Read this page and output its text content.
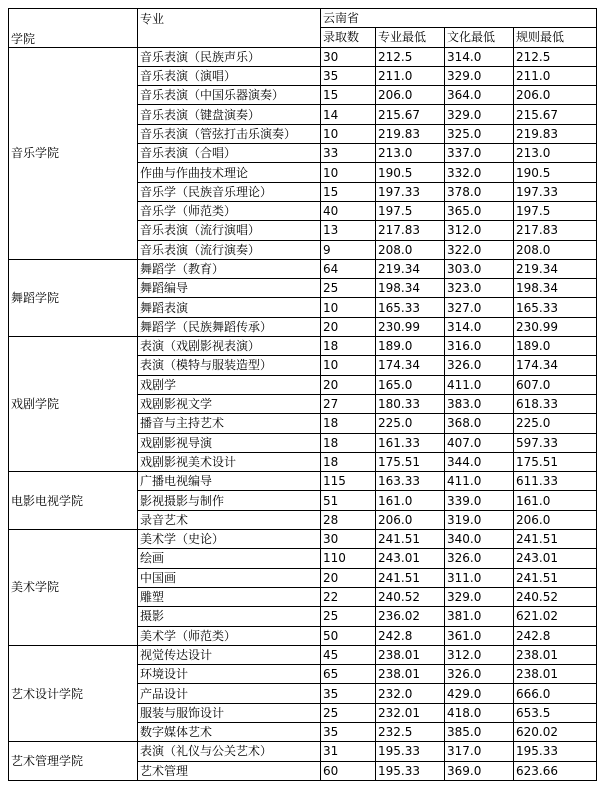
学院	专业	云南省			
		录取数	专业最低	文化最低	规则最低
音乐学院	音乐表演（民族声乐）	30	212.5	314.0	212.5
	音乐表演（演唱）	35	211.0	329.0	211.0
	音乐表演（中国乐器演奏）	15	206.0	364.0	206.0
	音乐表演（键盘演奏）	14	215.67	329.0	215.67
	音乐表演（管弦打击乐演奏）	10	219.83	325.0	219.83
	音乐表演（合唱）	33	213.0	337.0	213.0
	作曲与作曲技术理论	10	190.5	332.0	190.5
	音乐学（民族音乐理论）	15	197.33	378.0	197.33
	音乐学（师范类）	40	197.5	365.0	197.5
	音乐表演（流行演唱）	13	217.83	312.0	217.83
	音乐表演（流行演奏）	9	208.0	322.0	208.0
舞蹈学院	舞蹈学（教育）	64	219.34	303.0	219.34
	舞蹈编导	25	198.34	323.0	198.34
	舞蹈表演	10	165.33	327.0	165.33
	舞蹈学（民族舞蹈传承）	20	230.99	314.0	230.99
戏剧学院	表演（戏剧影视表演）	18	189.0	316.0	189.0
	表演（模特与服装造型）	10	174.34	326.0	174.34
	戏剧学	20	165.0	411.0	607.0
	戏剧影视文学	27	180.33	383.0	618.33
	播音与主持艺术	18	225.0	368.0	225.0
	戏剧影视导演	18	161.33	407.0	597.33
	戏剧影视美术设计	18	175.51	344.0	175.51
电影电视学院	广播电视编导	115	163.33	411.0	611.33
	影视摄影与制作	51	161.0	339.0	161.0
	录音艺术	28	206.0	319.0	206.0
美术学院	美术学（史论）	30	241.51	340.0	241.51
	绘画	110	243.01	326.0	243.01
	中国画	20	241.51	311.0	241.51
	雕塑	22	240.52	329.0	240.52
	摄影	25	236.02	381.0	621.02
	美术学（师范类）	50	242.8	361.0	242.8
艺术设计学院	视觉传达设计	45	238.01	312.0	238.01
	环境设计	65	238.01	326.0	238.01
	产品设计	35	232.0	429.0	666.0
	服装与服饰设计	25	232.01	418.0	653.5
	数字媒体艺术	35	232.5	385.0	620.02
艺术管理学院	表演（礼仪与公关艺术）	31	195.33	317.0	195.33
	艺术管理	60	195.33	369.0	623.66
